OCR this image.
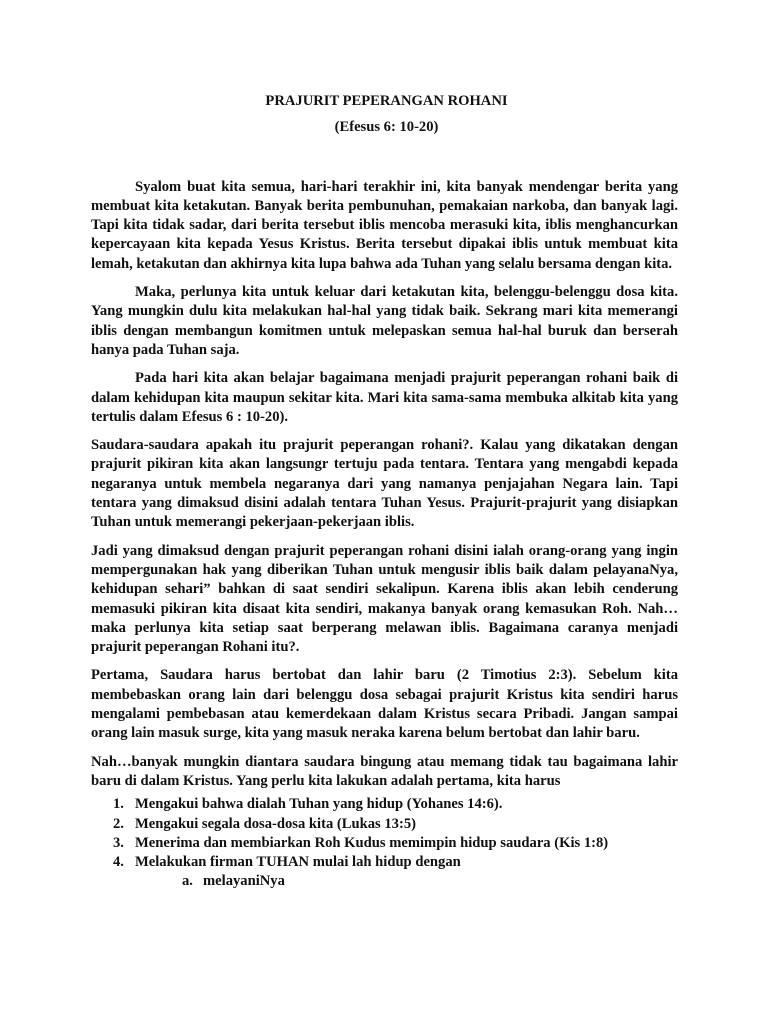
PRAJURIT PEPERANGAN ROHANI

(Efesus 6: 10-20)

Syalom buat kita semua, hari-hari terakhir ini, kita banyak mendengar berita yang membuat kita ketakutan. Banyak berita pembunuhan, pemakaian narkoba, dan banyak lagi. Tapi kita tidak sadar, dari berita tersebut iblis mencoba merasuki kita, iblis menghancurkan kepercayaan kita kepada Yesus Kristus. Berita tersebut dipakai iblis untuk membuat kita lemah, ketakutan dan akhirnya kita lupa bahwa ada Tuhan yang selalu bersama dengan kita.

Maka, perlunya kita untuk keluar dari ketakutan kita, belenggu-belenggu dosa kita. Yang mungkin dulu kita melakukan hal-hal yang tidak baik. Sekrang mari kita memerangi iblis dengan membangun komitmen untuk melepaskan semua hal-hal buruk dan berserah hanya pada Tuhan saja.

Pada hari kita akan belajar bagaimana menjadi prajurit peperangan rohani baik di dalam kehidupan kita maupun sekitar kita. Mari kita sama-sama membuka alkitab kita yang tertulis dalam Efesus 6 : 10-20).

Saudara-saudara apakah itu prajurit peperangan rohani?. Kalau yang dikatakan dengan prajurit pikiran kita akan langsungr tertuju pada tentara. Tentara yang mengabdi kepada negaranya untuk membela negaranya dari yang namanya penjajahan Negara lain. Tapi tentara yang dimaksud disini adalah tentara Tuhan Yesus. Prajurit-prajurit yang disiapkan Tuhan untuk memerangi pekerjaan-pekerjaan iblis.

Jadi yang dimaksud dengan prajurit peperangan rohani disini ialah orang-orang yang ingin mempergunakan hak yang diberikan Tuhan untuk mengusir iblis baik dalam pelayanaNya, kehidupan sehari” bahkan di saat sendiri sekalipun. Karena iblis akan lebih cenderung memasuki pikiran kita disaat kita sendiri, makanya banyak orang kemasukan Roh. Nah…maka perlunya kita setiap saat berperang melawan iblis. Bagaimana caranya menjadi prajurit peperangan Rohani itu?.

Pertama, Saudara harus bertobat dan lahir baru (2 Timotius 2:3). Sebelum kita membebaskan orang lain dari belenggu dosa sebagai prajurit Kristus kita sendiri harus mengalami pembebasan atau kemerdekaan dalam Kristus secara Pribadi. Jangan sampai orang lain masuk surge, kita yang masuk neraka karena belum bertobat dan lahir baru.

Nah…banyak mungkin diantara saudara bingung atau memang tidak tau bagaimana lahir baru di dalam Kristus. Yang perlu kita lakukan adalah pertama, kita harus

1. Mengakui bahwa dialah Tuhan yang hidup (Yohanes 14:6).
2. Mengakui segala dosa-dosa kita (Lukas 13:5)
3. Menerima dan membiarkan Roh Kudus memimpin hidup saudara (Kis 1:8)
4. Melakukan firman TUHAN mulai lah hidup dengan
a. melayaniNya
